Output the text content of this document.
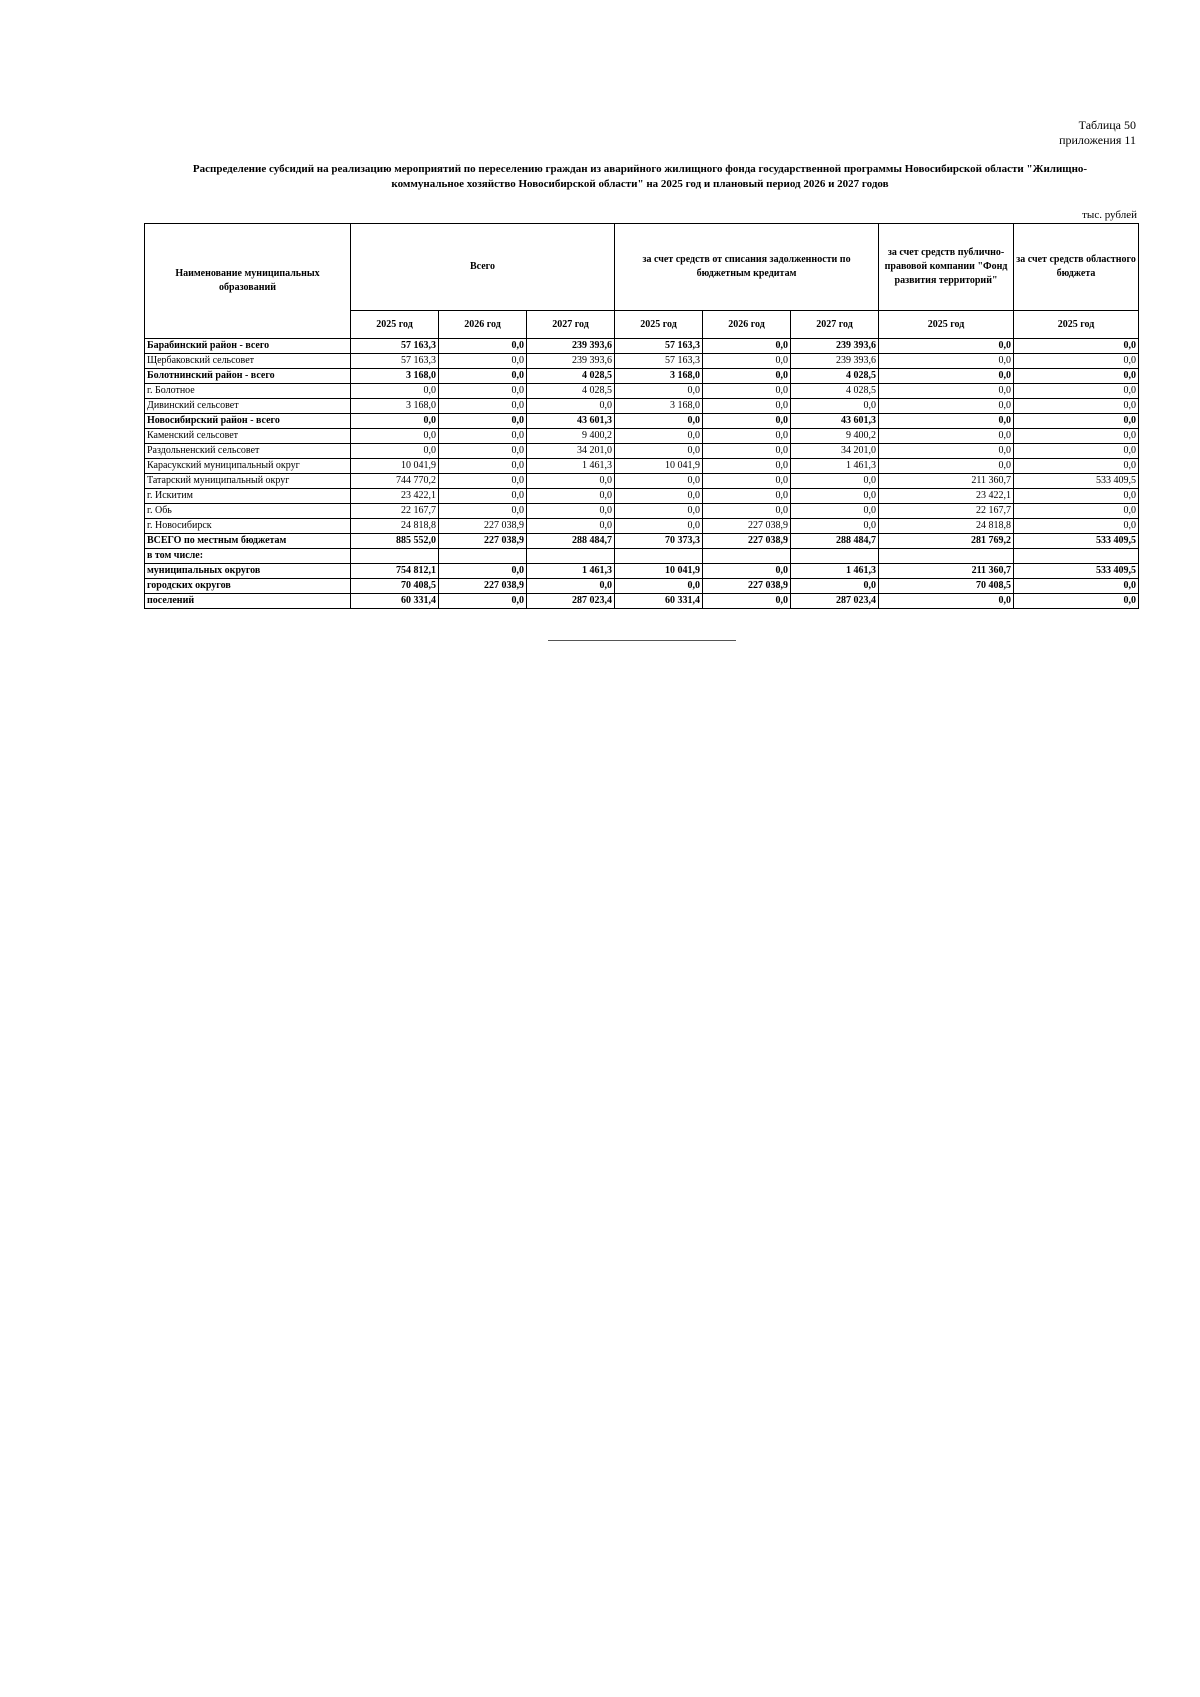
Таблица 50
приложения 11
Распределение субсидий на реализацию мероприятий по переселению граждан из аварийного жилищного фонда государственной программы Новосибирской области "Жилищно-
коммунальное хозяйство Новосибирской области" на 2025 год и плановый период 2026 и 2027 годов
тыс. рублей
Наименование муниципальных образований	Всего			за счет средств от списания задолженности по бюджетным кредитам			за счет средств публично-правовой компании "Фонд развития территорий"	за счет средств областного бюджета
	2025 год	2026 год	2027 год	2025 год	2026 год	2027 год	2025 год	2025 год
Барабинский район - всего	57 163,3	0,0	239 393,6	57 163,3	0,0	239 393,6	0,0	0,0
Щербаковский сельсовет	57 163,3	0,0	239 393,6	57 163,3	0,0	239 393,6	0,0	0,0
Болотнинский район - всего	3 168,0	0,0	4 028,5	3 168,0	0,0	4 028,5	0,0	0,0
г. Болотное	0,0	0,0	4 028,5	0,0	0,0	4 028,5	0,0	0,0
Дивинский сельсовет	3 168,0	0,0	0,0	3 168,0	0,0	0,0	0,0	0,0
Новосибирский район - всего	0,0	0,0	43 601,3	0,0	0,0	43 601,3	0,0	0,0
Каменский сельсовет	0,0	0,0	9 400,2	0,0	0,0	9 400,2	0,0	0,0
Раздольненский сельсовет	0,0	0,0	34 201,0	0,0	0,0	34 201,0	0,0	0,0
Карасукский муниципальный округ	10 041,9	0,0	1 461,3	10 041,9	0,0	1 461,3	0,0	0,0
Татарский муниципальный округ	744 770,2	0,0	0,0	0,0	0,0	0,0	211 360,7	533 409,5
г. Искитим	23 422,1	0,0	0,0	0,0	0,0	0,0	23 422,1	0,0
г. Обь	22 167,7	0,0	0,0	0,0	0,0	0,0	22 167,7	0,0
г. Новосибирск	24 818,8	227 038,9	0,0	0,0	227 038,9	0,0	24 818,8	0,0
ВСЕГО по местным бюджетам	885 552,0	227 038,9	288 484,7	70 373,3	227 038,9	288 484,7	281 769,2	533 409,5
в том числе:								
муниципальных округов	754 812,1	0,0	1 461,3	10 041,9	0,0	1 461,3	211 360,7	533 409,5
городских округов	70 408,5	227 038,9	0,0	0,0	227 038,9	0,0	70 408,5	0,0
поселений	60 331,4	0,0	287 023,4	60 331,4	0,0	287 023,4	0,0	0,0
